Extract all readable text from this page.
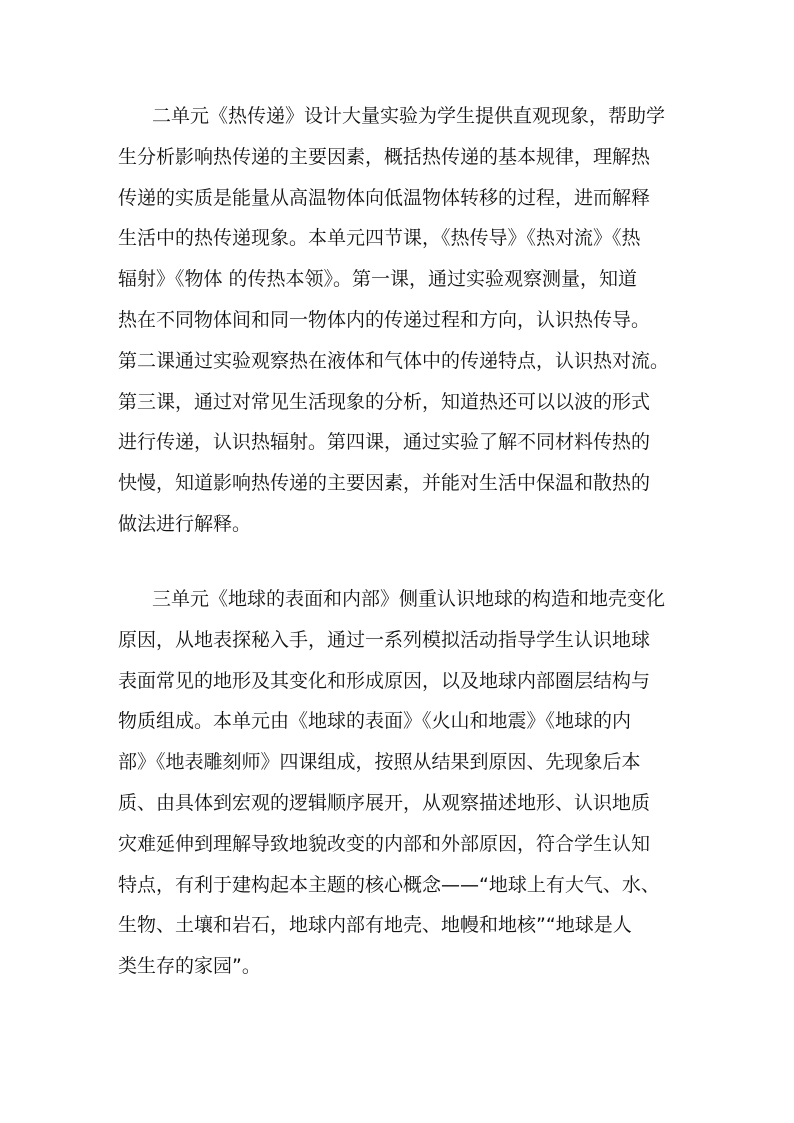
二单元《热传递》设计大量实验为学生提供直观现象，帮助学
生分析影响热传递的主要因素，概括热传递的基本规律，理解热
传递的实质是能量从高温物体向低温物体转移的过程，进而解释
生活中的热传递现象。本单元四节课，《热传导》《热对流》《热
辐射》《物体 的传热本领》。第一课，通过实验观察测量，知道
热在不同物体间和同一物体内的传递过程和方向，认识热传导。
第二课通过实验观察热在液体和气体中的传递特点，认识热对流。
第三课，通过对常见生活现象的分析，知道热还可以以波的形式
进行传递，认识热辐射。第四课，通过实验了解不同材料传热的
快慢，知道影响热传递的主要因素，并能对生活中保温和散热的
做法进行解释。
三单元《地球的表面和内部》侧重认识地球的构造和地壳变化
原因，从地表探秘入手，通过一系列模拟活动指导学生认识地球
表面常见的地形及其变化和形成原因，以及地球内部圈层结构与
物质组成。本单元由《地球的表面》《火山和地震》《地球的内
部》《地表雕刻师》四课组成，按照从结果到原因、先现象后本
质、由具体到宏观的逻辑顺序展开，从观察描述地形、认识地质
灾难延伸到理解导致地貌改变的内部和外部原因，符合学生认知
特点，有利于建构起本主题的核心概念——“地球上有大气、水、
生物、土壤和岩石，地球内部有地壳、地幔和地核”“地球是人
类生存的家园”。
